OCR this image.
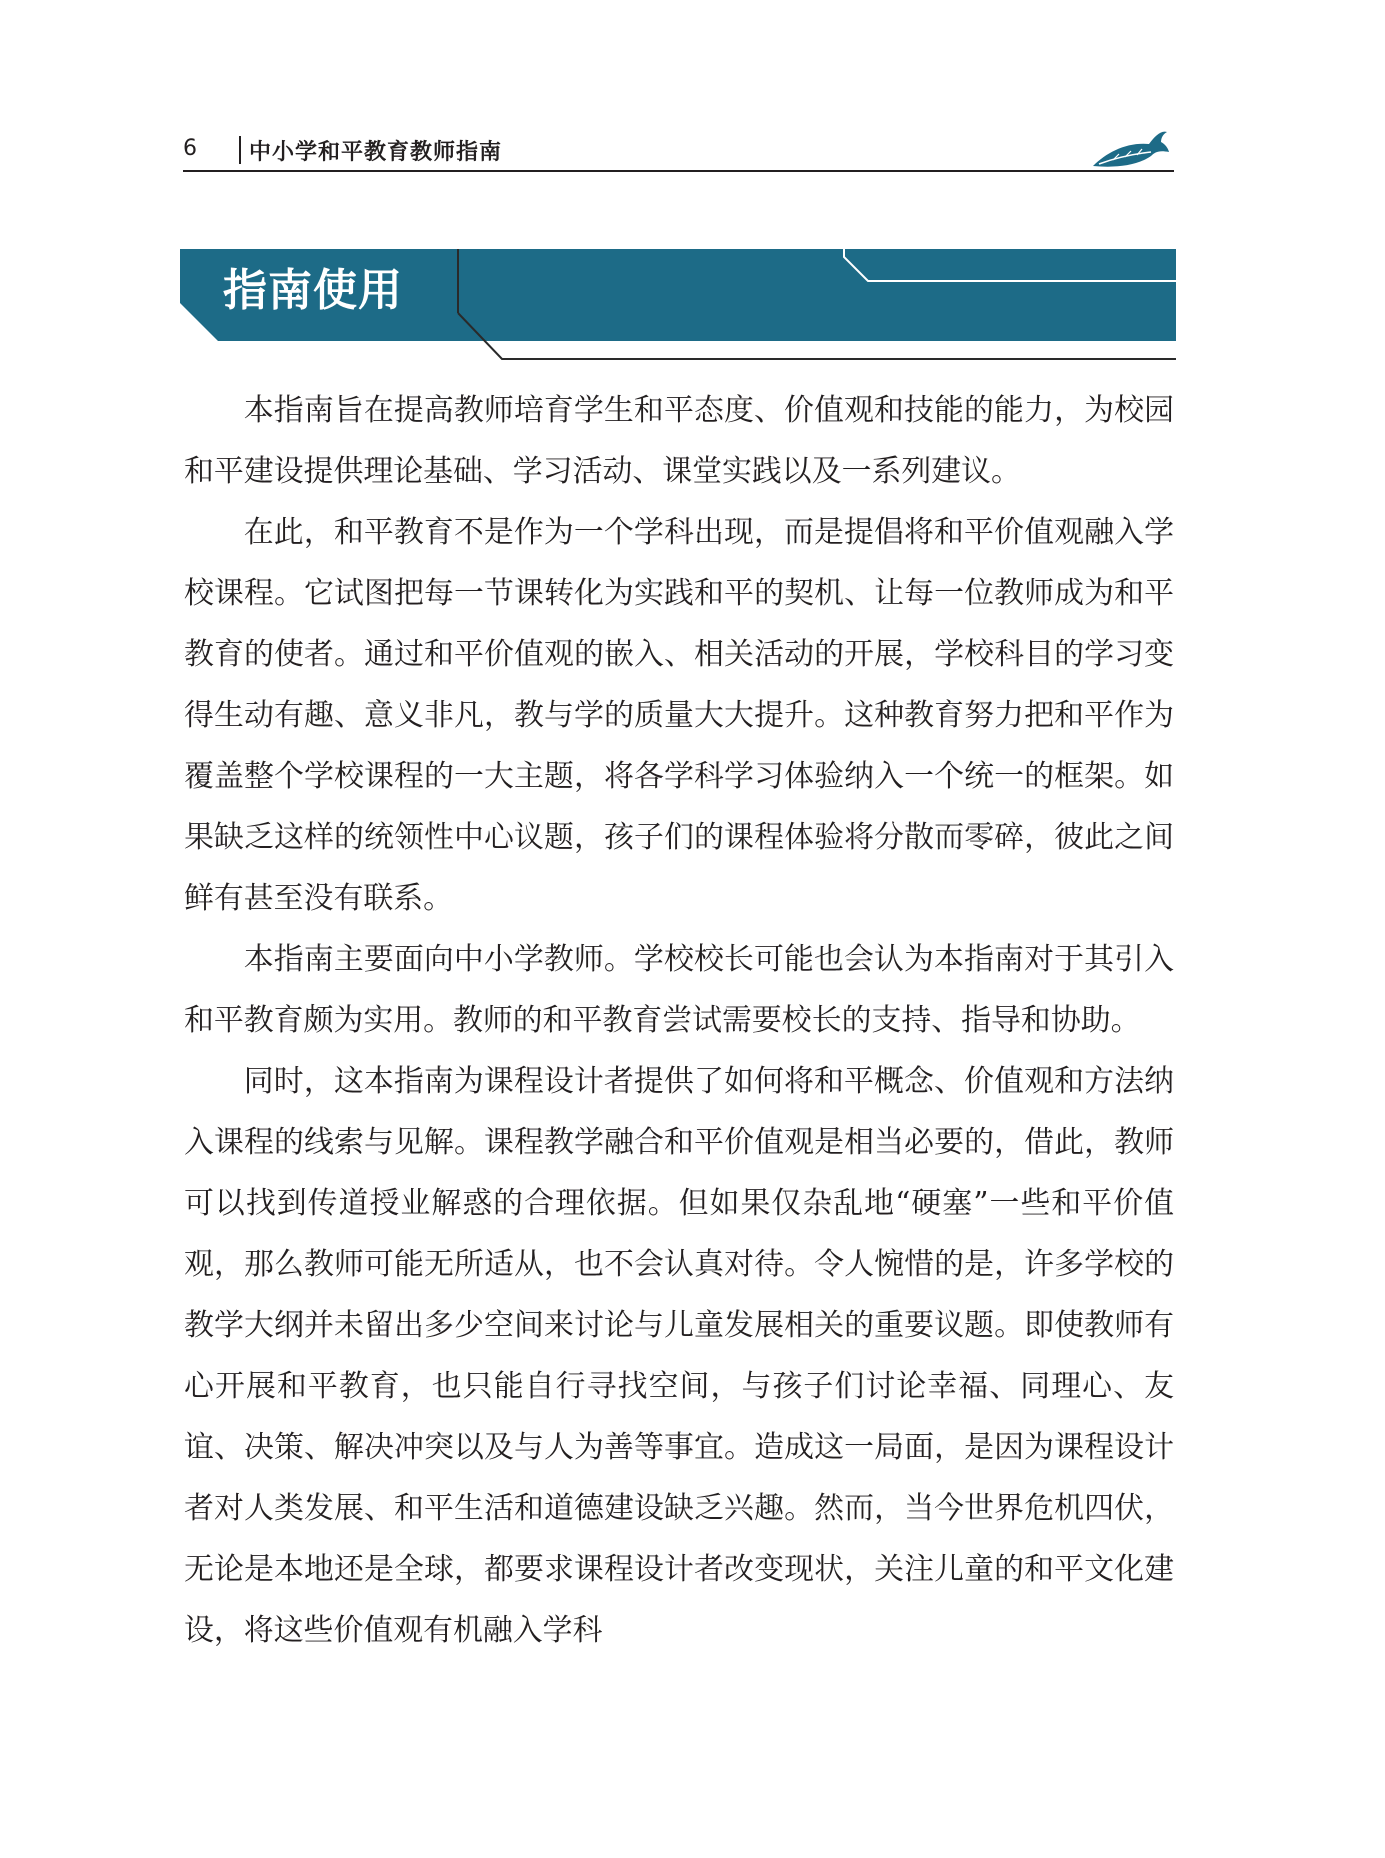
6 中小学和平教育教师指南
指南使用

本指南旨在提高教师培育学生和平态度、价值观和技能的能力，为校园和平建设提供理论基础、学习活动、课堂实践以及一系列建议。

在此，和平教育不是作为一个学科出现，而是提倡将和平价值观融入学校课程。它试图把每一节课转化为实践和平的契机、让每一位教师成为和平教育的使者。通过和平价值观的嵌入、相关活动的开展，学校科目的学习变得生动有趣、意义非凡，教与学的质量大大提升。这种教育努力把和平作为覆盖整个学校课程的一大主题，将各学科学习体验纳入一个统一的框架。如果缺乏这样的统领性中心议题，孩子们的课程体验将分散而零碎，彼此之间鲜有甚至没有联系。

本指南主要面向中小学教师。学校校长可能也会认为本指南对于其引入和平教育颇为实用。教师的和平教育尝试需要校长的支持、指导和协助。

同时，这本指南为课程设计者提供了如何将和平概念、价值观和方法纳入课程的线索与见解。课程教学融合和平价值观是相当必要的，借此，教师可以找到传道授业解惑的合理依据。但如果仅杂乱地“硬塞”一些和平价值观，那么教师可能无所适从，也不会认真对待。令人惋惜的是，许多学校的教学大纲并未留出多少空间来讨论与儿童发展相关的重要议题。即使教师有心开展和平教育，也只能自行寻找空间，与孩子们讨论幸福、同理心、友谊、决策、解决冲突以及与人为善等事宜。造成这一局面，是因为课程设计者对人类发展、和平生活和道德建设缺乏兴趣。然而，当今世界危机四伏，无论是本地还是全球，都要求课程设计者改变现状，关注儿童的和平文化建设，将这些价值观有机融入学科
